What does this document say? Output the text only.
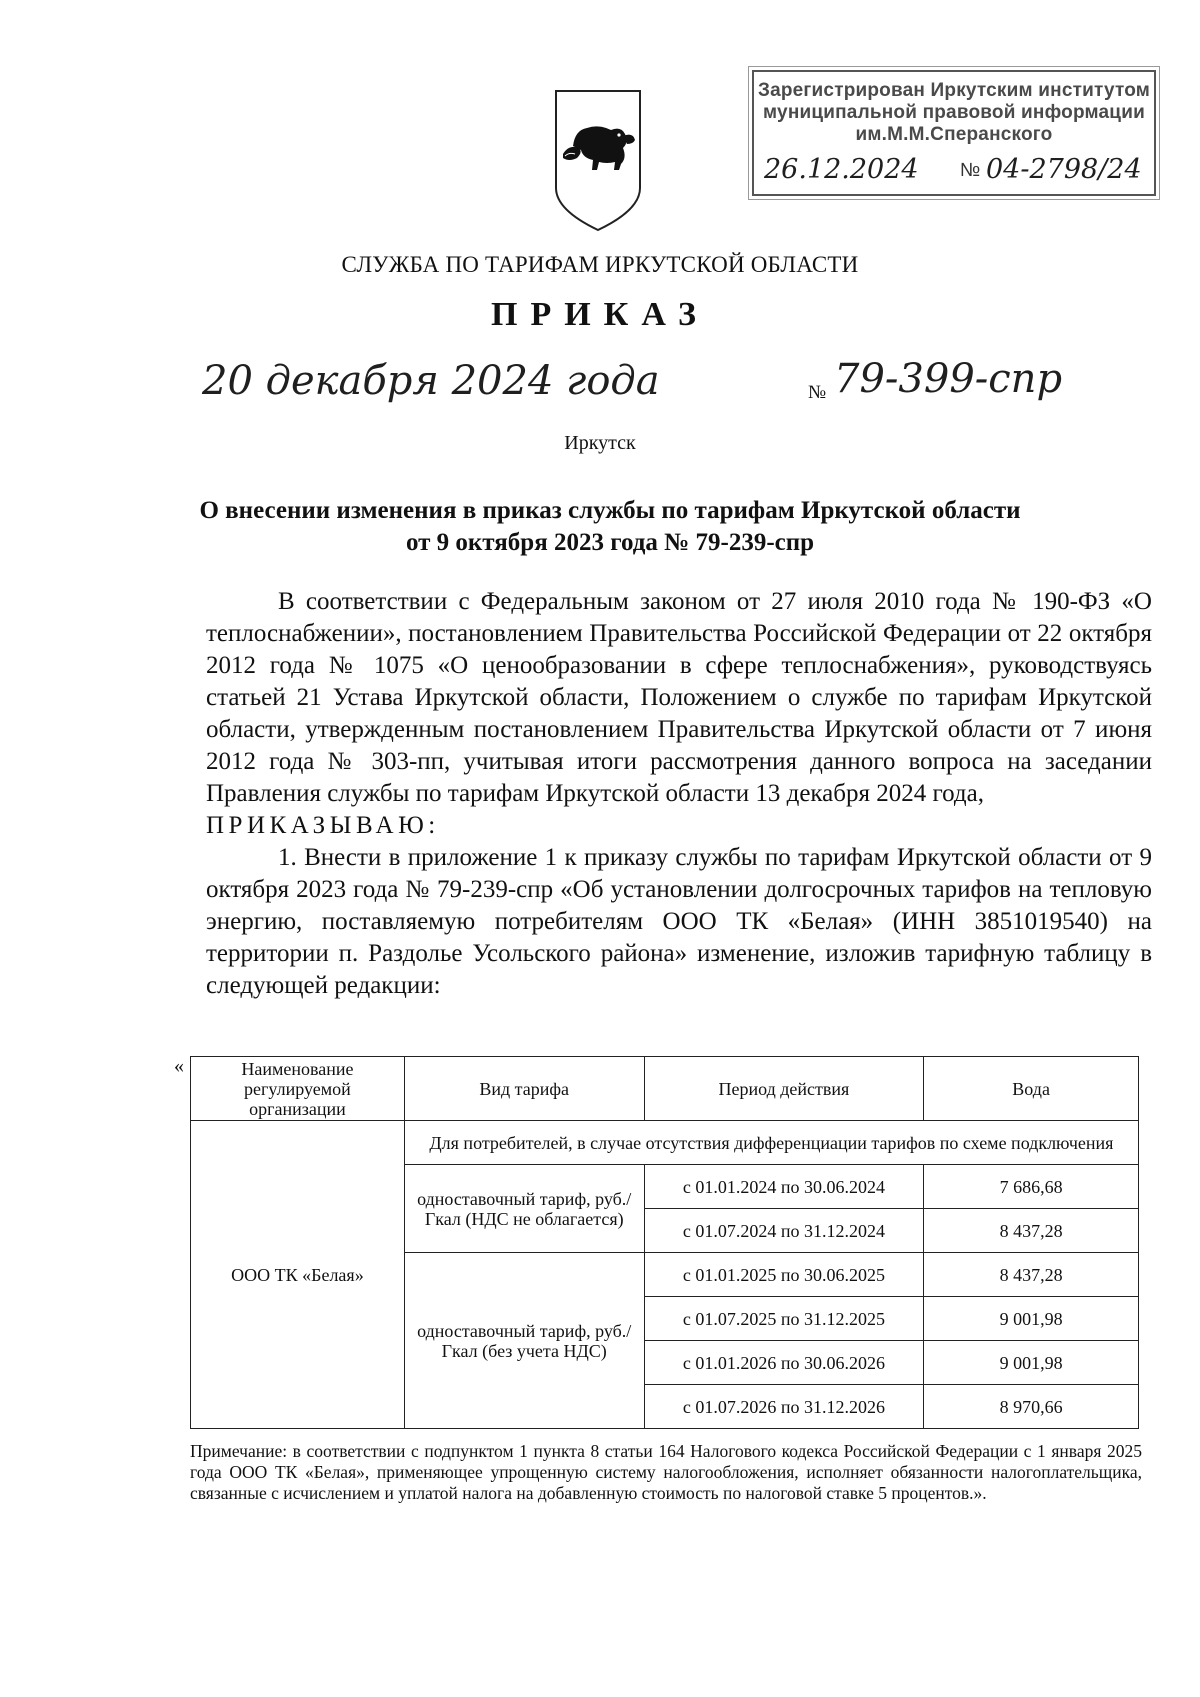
Зарегистрирован Иркутским институтом
муниципальной правовой информации
им.М.М.Сперанского
26.12.2024 № 04-2798/24
СЛУЖБА ПО ТАРИФАМ ИРКУТСКОЙ ОБЛАСТИ
ПРИКАЗ
20 декабря 2024 года	№ 79-399-спр
Иркутск
О внесении изменения в приказ службы по тарифам Иркутской области
от 9 октября 2023 года № 79-239-спр

В соответствии с Федеральным законом от 27 июля 2010 года № 190-ФЗ «О теплоснабжении», постановлением Правительства Российской Федерации от 22 октября 2012 года № 1075 «О ценообразовании в сфере теплоснабжения», руководствуясь статьей 21 Устава Иркутской области, Положением о службе по тарифам Иркутской области, утвержденным постановлением Правительства Иркутской области от 7 июня 2012 года № 303-пп, учитывая итоги рассмотрения данного вопроса на заседании Правления службы по тарифам Иркутской области 13 декабря 2024 года,

ПРИКАЗЫВАЮ:

1. Внести в приложение 1 к приказу службы по тарифам Иркутской области от 9 октября 2023 года № 79-239-спр «Об установлении долгосрочных тарифов на тепловую энергию, поставляемую потребителям ООО ТК «Белая» (ИНН 3851019540) на территории п. Раздолье Усольского района» изменение, изложив тарифную таблицу в следующей редакции:

«	Наименование регулируемой организации	Вид тарифа	Период действия	Вода
ООО ТК «Белая»	Для потребителей, в случае отсутствия дифференциации тарифов по схеме подключения		
	одноставочный тариф, руб./Гкал (НДС не облагается)	с 01.01.2024 по 30.06.2024	7 686,68
		с 01.07.2024 по 31.12.2024	8 437,28
	одноставочный тариф, руб./Гкал (без учета НДС)	с 01.01.2025 по 30.06.2025	8 437,28
		с 01.07.2025 по 31.12.2025	9 001,98
		с 01.01.2026 по 30.06.2026	9 001,98
		с 01.07.2026 по 31.12.2026	8 970,66
Примечание: в соответствии с подпунктом 1 пункта 8 статьи 164 Налогового кодекса Российской Федерации с 1 января 2025 года ООО ТК «Белая», применяющее упрощенную систему налогообложения, исполняет обязанности налогоплательщика, связанные с исчислением и уплатой налога на добавленную стоимость по налоговой ставке 5 процентов.».
